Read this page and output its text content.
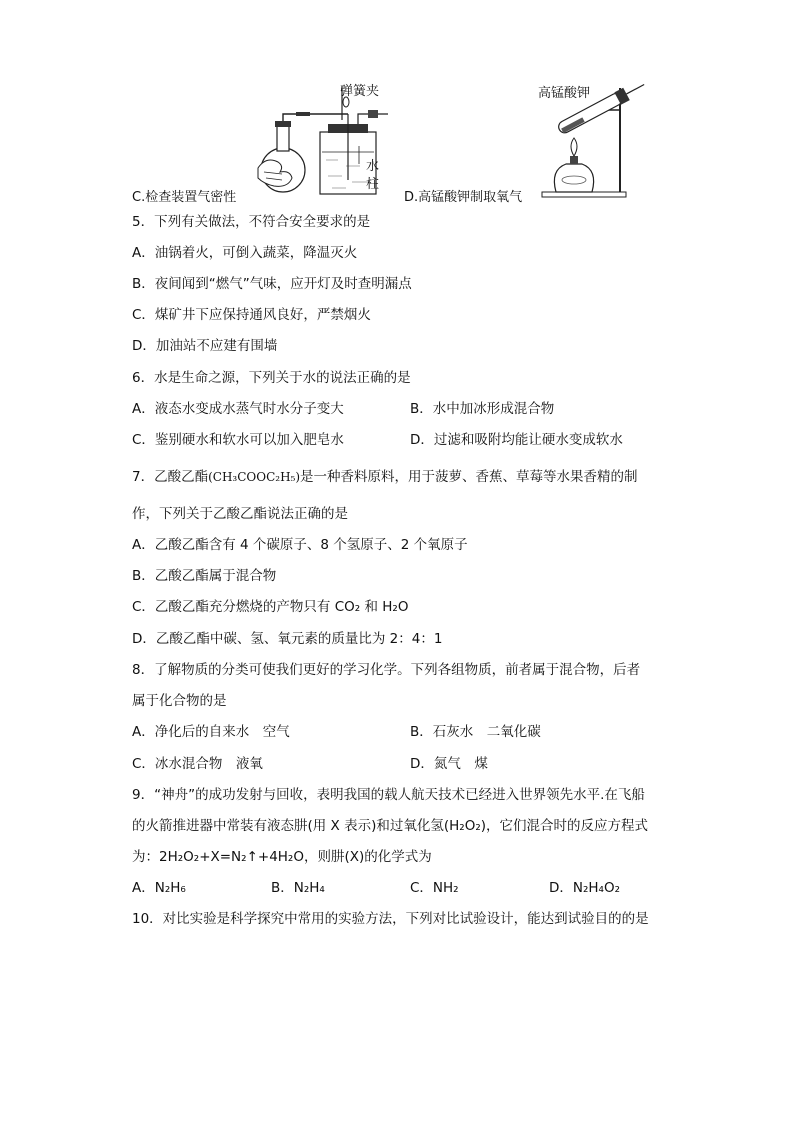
弹簧夹
水
柱
C.检查装置气密性
高锰酸钾
D.高锰酸钾制取氧气
5．下列有关做法，不符合安全要求的是
A．油锅着火，可倒入蔬菜，降温灭火
B．夜间闻到“燃气”气味，应开灯及时查明漏点
C．煤矿井下应保持通风良好，严禁烟火
D．加油站不应建有围墙
6．水是生命之源，下列关于水的说法正确的是
A．液态水变成水蒸气时水分子变大	B．水中加冰形成混合物
C．鉴别硬水和软水可以加入肥皂水	D．过滤和吸附均能让硬水变成软水
7．乙酸乙酯(CH₃COOC₂H₅)是一种香料原料，用于菠萝、香蕉、草莓等水果香精的制
作，下列关于乙酸乙酯说法正确的是
A．乙酸乙酯含有 4 个碳原子、8 个氢原子、2 个氧原子
B．乙酸乙酯属于混合物
C．乙酸乙酯充分燃烧的产物只有 CO₂ 和 H₂O
D．乙酸乙酯中碳、氢、氧元素的质量比为 2：4：1
8．了解物质的分类可使我们更好的学习化学。下列各组物质，前者属于混合物，后者
属于化合物的是
A．净化后的自来水　空气	B．石灰水　二氧化碳
C．冰水混合物　液氧	D．氮气　煤
9．“神舟”的成功发射与回收，表明我国的载人航天技术已经进入世界领先水平.在飞船
的火箭推进器中常装有液态肼(用 X 表示)和过氧化氢(H₂O₂)，它们混合时的反应方程式
为：2H₂O₂+X=N₂↑+4H₂O，则肼(X)的化学式为
A．N₂H₆	B．N₂H₄	C．NH₂	D．N₂H₄O₂
10．对比实验是科学探究中常用的实验方法，下列对比试验设计，能达到试验目的的是
